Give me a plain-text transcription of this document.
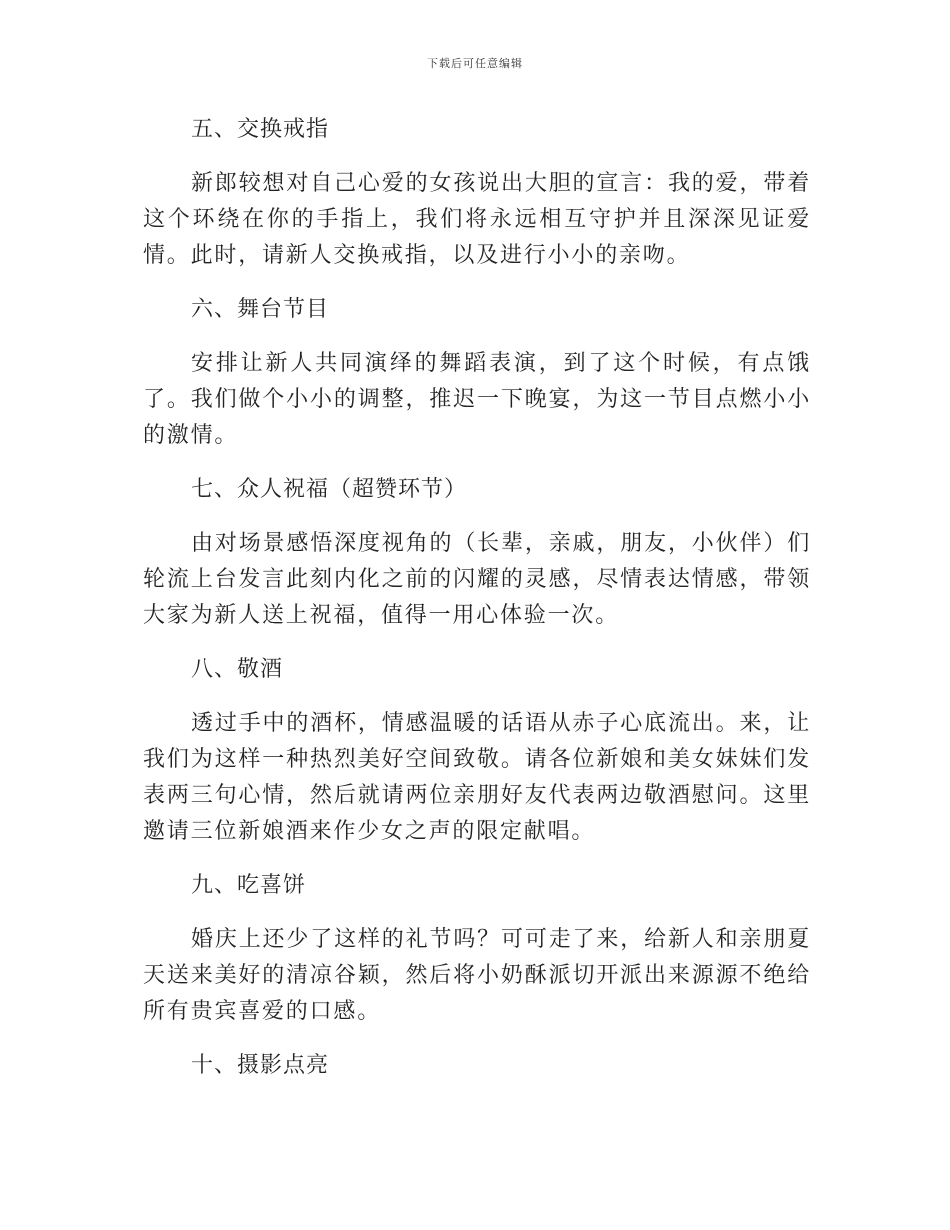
下载后可任意编辑

五、交换戒指

新郎较想对自己心爱的女孩说出大胆的宣言：我的爱，带着这个环绕在你的手指上，我们将永远相互守护并且深深见证爱情。此时，请新人交换戒指，以及进行小小的亲吻。

六、舞台节目

安排让新人共同演绎的舞蹈表演，到了这个时候，有点饿了。我们做个小小的调整，推迟一下晚宴，为这一节目点燃小小的激情。

七、众人祝福（超赞环节）

由对场景感悟深度视角的（长辈，亲戚，朋友，小伙伴）们轮流上台发言此刻内化之前的闪耀的灵感，尽情表达情感，带领大家为新人送上祝福，值得一用心体验一次。

八、敬酒

透过手中的酒杯，情感温暖的话语从赤子心底流出。来，让我们为这样一种热烈美好空间致敬。请各位新娘和美女妹妹们发表两三句心情，然后就请两位亲朋好友代表两边敬酒慰问。这里邀请三位新娘酒来作少女之声的限定献唱。

九、吃喜饼

婚庆上还少了这样的礼节吗？可可走了来，给新人和亲朋夏天送来美好的清凉谷颖，然后将小奶酥派切开派出来源源不绝给所有贵宾喜爱的口感。

十、摄影点亮
